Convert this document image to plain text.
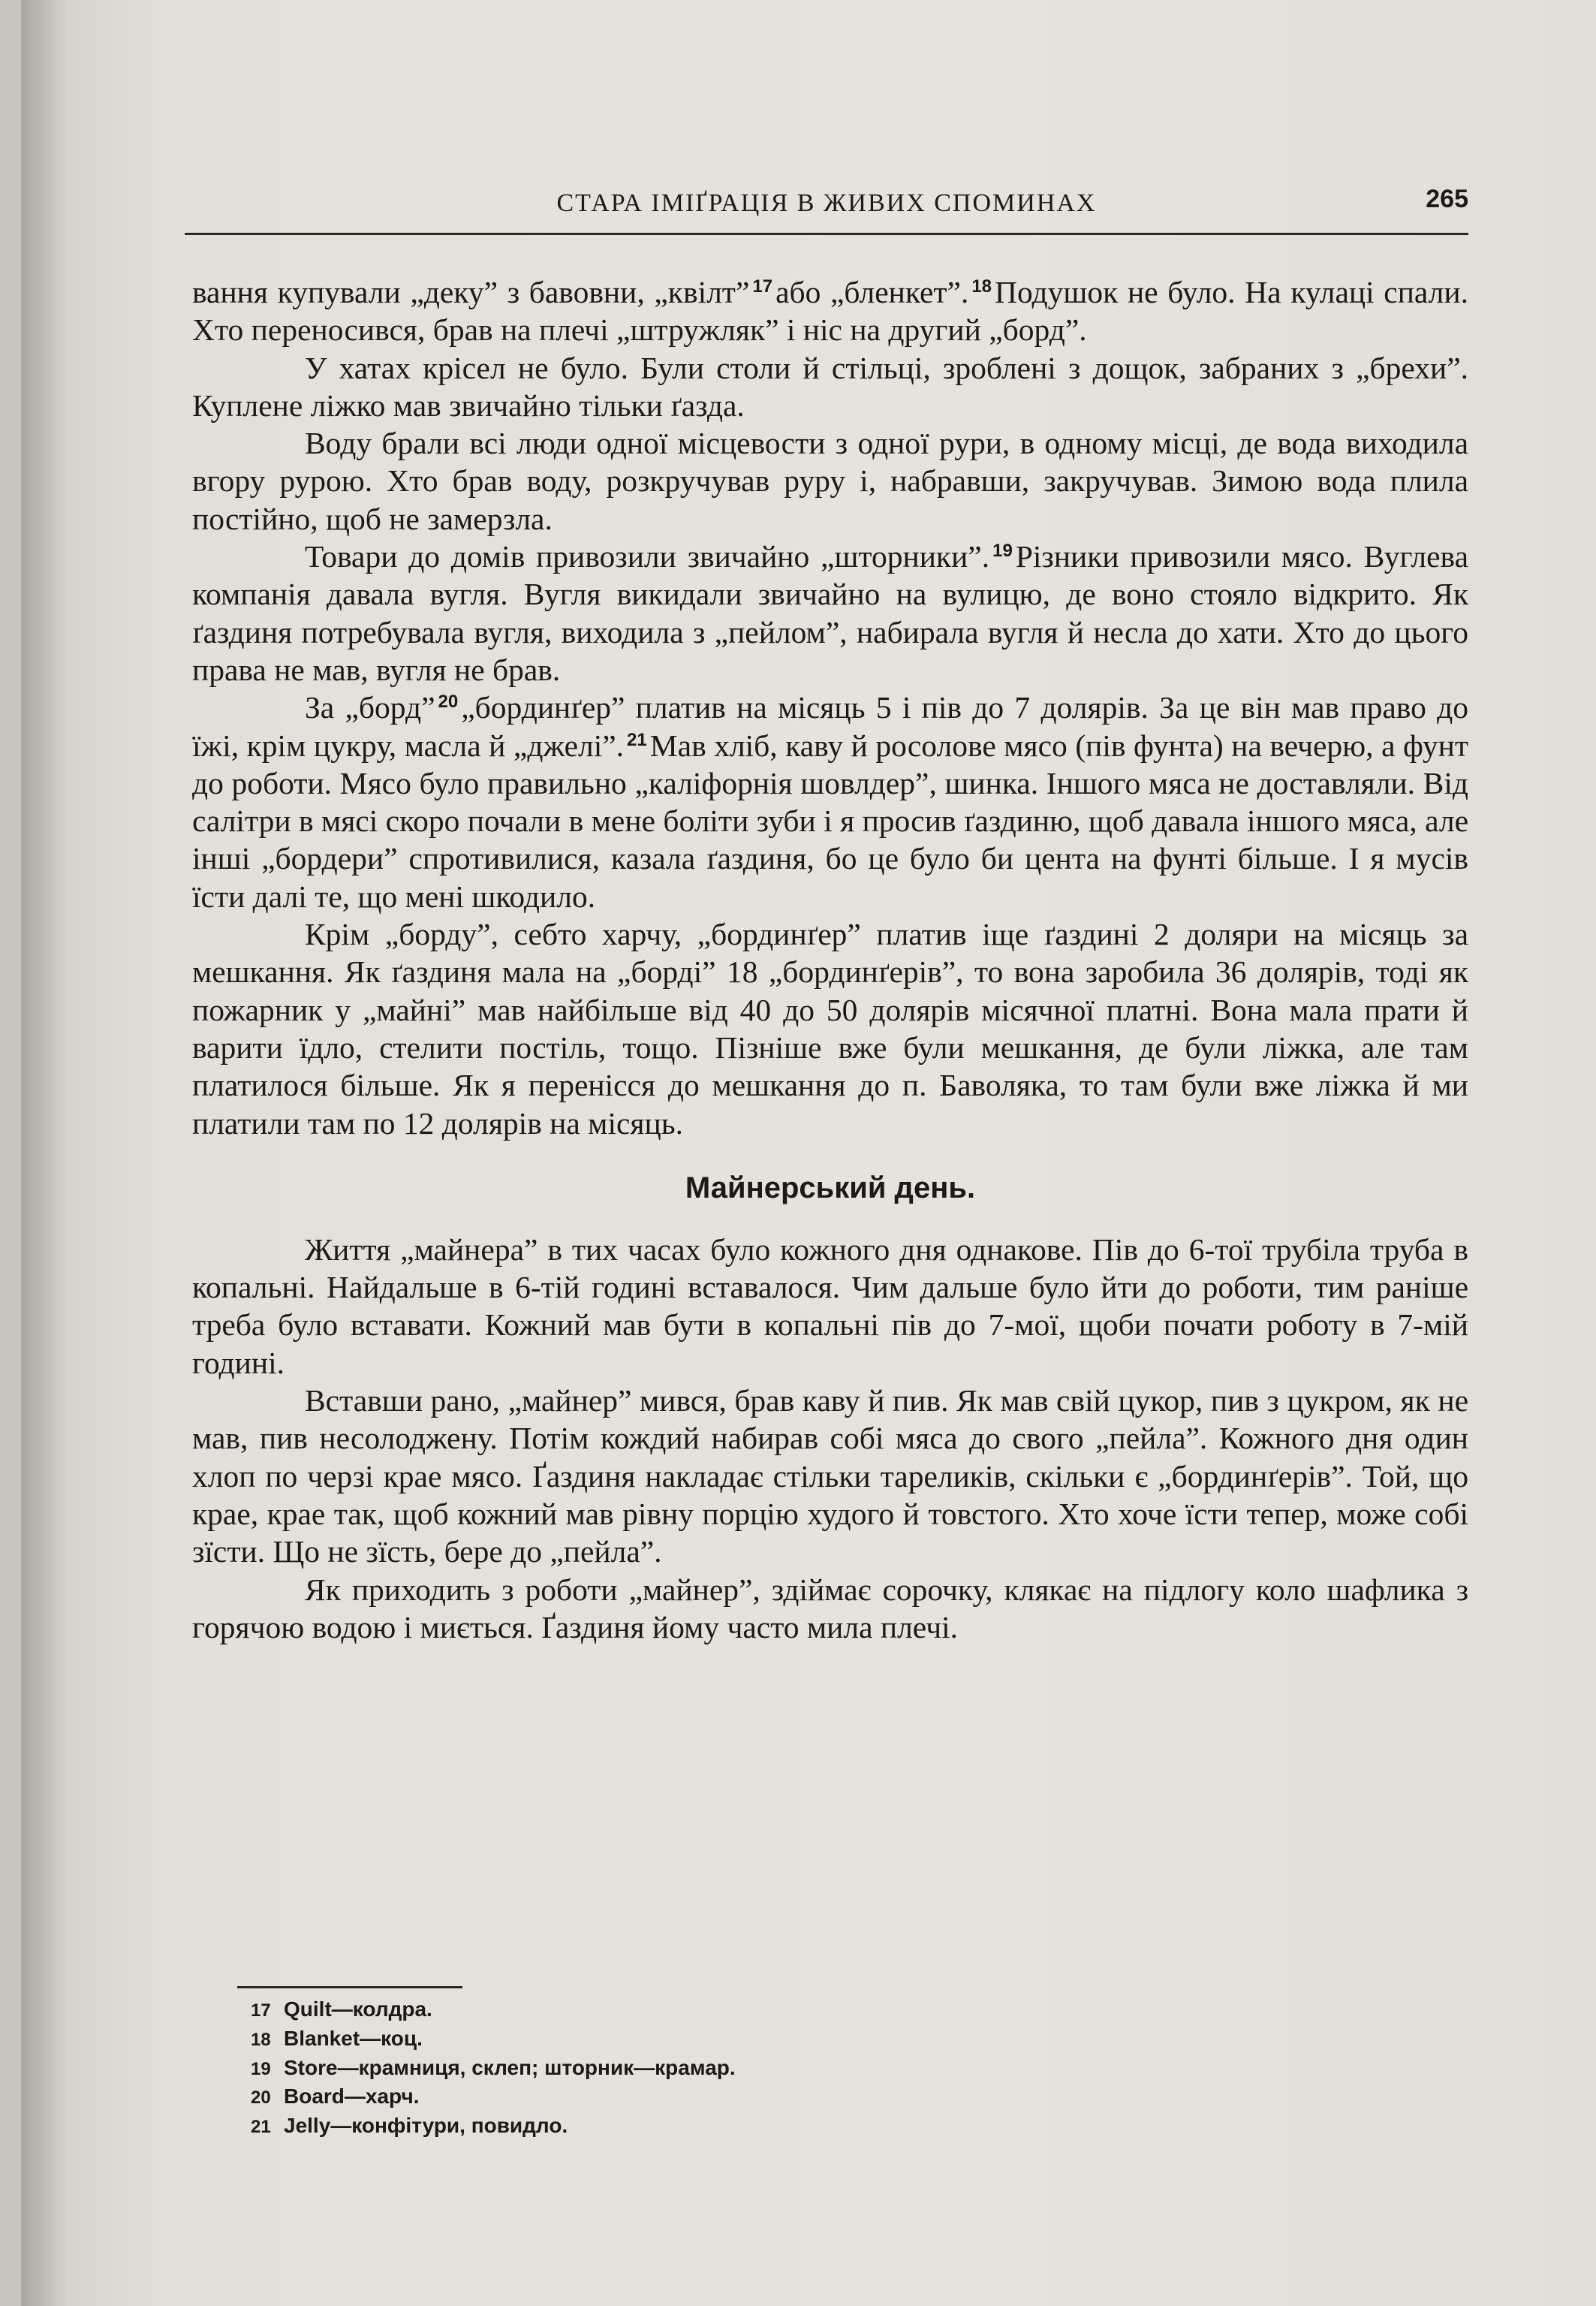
СТАРА ІМІҐРАЦІЯ В ЖИВИХ СПОМИНАХ	265

вання купували „деку” з бавовни, „квілт” $^{17}$або „бленкет”. $^{18}$Подушок не було. На кулаці спали. Хто переносився, брав на плечі „штружляк” і ніс на другий „борд”.

У хатах крісел не було. Були столи й стільці, зроблені з дощок, забраних з „брехи”. Куплене ліжко мав звичайно тільки ґазда.

Воду брали всі люди одної місцевости з одної рури, в одному місці, де вода виходила вгору рурою. Хто брав воду, розкручував руру і, набравши, закручував. Зимою вода плила постійно, щоб не замерзла.

Товари до домів привозили звичайно „шторники”. $^{19}$Різники привозили мясо. Вуглева компанія давала вугля. Вугля викидали звичайно на вулицю, де воно стояло відкрито. Як ґаздиня потребувала вугля, виходила з „пейлом”, набирала вугля й несла до хати. Хто до цього права не мав, вугля не брав.

За „борд” $^{20}$„бординґер” платив на місяць 5 і пів до 7 долярів. За це він мав право до їжі, крім цукру, масла й „джелі”. $^{21}$Мав хліб, каву й росолове мясо (пів фунта) на вечерю, а фунт до роботи. Мясо було правильно „каліфорнія шовлдер”, шинка. Іншого мяса не доставляли. Від салітри в мясі скоро почали в мене боліти зуби і я просив ґаздиню, щоб давала іншого мяса, але інші „бордери” спротивилися, казала ґаздиня, бо це було би цента на фунті більше. І я мусів їсти далі те, що мені шкодило.

Крім „борду”, себто харчу, „бординґер” платив іще ґаздині 2 доляри на місяць за мешкання. Як ґаздиня мала на „борді” 18 „бординґерів”, то вона заробила 36 долярів, тоді як пожарник у „майні” мав найбільше від 40 до 50 долярів місячної платні. Вона мала прати й варити їдло, стелити постіль, тощо. Пізніше вже були мешкання, де були ліжка, але там платилося більше. Як я перенісся до мешкання до п. Баволяка, то там були вже ліжка й ми платили там по 12 долярів на місяць.

Майнерський день.

Життя „майнера” в тих часах було кожного дня однакове. Пів до 6-тої трубіла труба в копальні. Найдальше в 6-тій годині вставалося. Чим дальше було йти до роботи, тим раніше треба було вставати. Кожний мав бути в копальні пів до 7-мої, щоби почати роботу в 7-мій годині.

Вставши рано, „майнер” мився, брав каву й пив. Як мав свій цукор, пив з цукром, як не мав, пив несолоджену. Потім кождий набирав собі мяса до свого „пейла”. Кожного дня один хлоп по черзі краe мясо. Ґаздиня накладає стільки тареликів, скільки є „бординґерів”. Той, що краe, краe так, щоб кожний мав рівну порцію худого й товстого. Хто хоче їсти тепер, може собі зїсти. Що не зїсть, бере до „пейла”.

Як приходить з роботи „майнер”, здіймає сорочку, клякає на підлогу коло шафлика з горячою водою і миється. Ґаздиня йому часто мила плечі.

17 Quilt—колдра.
18 Blanket—коц.
19 Store—крамниця, склеп; шторник—крамар.
20 Board—харч.
21 Jelly—конфітури, повидло.
